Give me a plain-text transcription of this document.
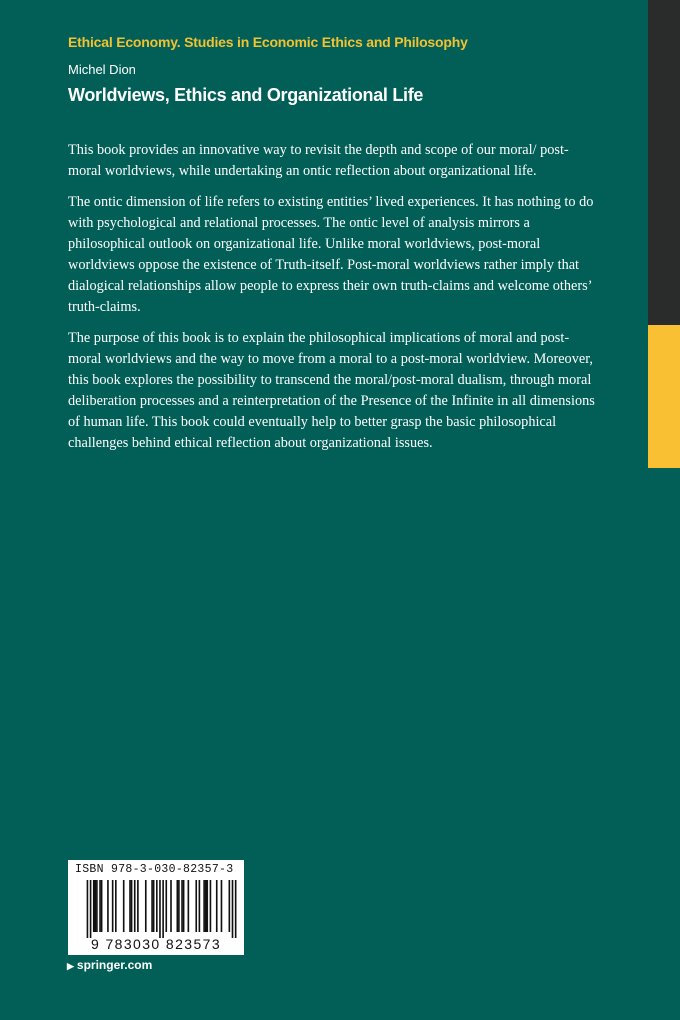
Ethical Economy. Studies in Economic Ethics and Philosophy
Michel Dion
Worldviews, Ethics and Organizational Life

This book provides an innovative way to revisit the depth and scope of our moral/ post-moral worldviews, while undertaking an ontic reflection about organizational life.

The ontic dimension of life refers to existing entities’ lived experiences. It has nothing to do with psychological and relational processes. The ontic level of analysis mirrors a philosophical outlook on organizational life. Unlike moral worldviews, post-moral worldviews oppose the existence of Truth-itself. Post-moral worldviews rather imply that dialogical relationships allow people to express their own truth-claims and welcome others’ truth-claims.

The purpose of this book is to explain the philosophical implications of moral and post-moral worldviews and the way to move from a moral to a post-moral worldview. Moreover, this book explores the possibility to transcend the moral/post-moral dualism, through moral deliberation processes and a reinterpretation of the Presence of the Infinite in all dimensions of human life. This book could eventually help to better grasp the basic philosophical challenges behind ethical reflection about organizational issues.

ISBN 978-3-030-82357-3
9 783030 823573
▶ springer.com
